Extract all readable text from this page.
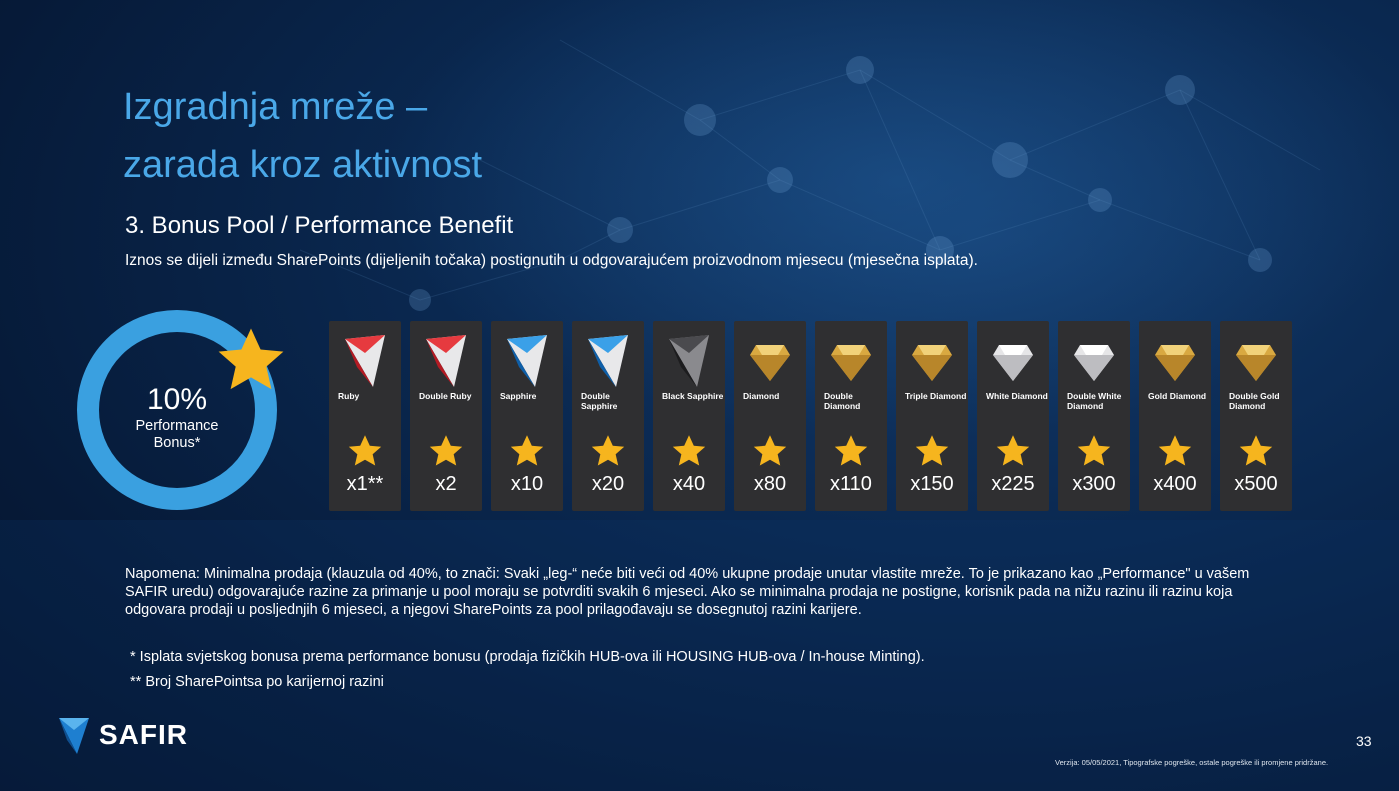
Izgradnja mreže –
zarada kroz aktivnost
3. Bonus Pool / Performance Benefit

Iznos se dijeli između SharePoints (dijeljenih točaka) postignutih u odgovarajućem proizvodnom mjesecu (mjesečna isplata).

10%
Performance
Bonus*
Ruby
x1**
Double Ruby
x2
Sapphire
x10
Double Sapphire
x20
Black Sapphire
x40
Diamond
x80
Double Diamond
x110
Triple Diamond
x150
White Diamond
x225
Double White Diamond
x300
Gold Diamond
x400
Double Gold Diamond
x500

Napomena: Minimalna prodaja (klauzula od 40%, to znači: Svaki „leg-“ neće biti veći od 40% ukupne prodaje unutar vlastite mreže. To je prikazano kao „Performance" u vašem SAFIR uredu) odgovarajuće razine za primanje u pool moraju se potvrditi svakih 6 mjeseci. Ako se minimalna prodaja ne postigne, korisnik pada na nižu razinu ili razinu koja odgovara prodaji u posljednjih 6 mjeseci, a njegovi SharePoints za pool prilagođavaju se dosegnutoj razini karijere.

* Isplata svjetskog bonusa prema performance bonusu (prodaja fizičkih HUB-ova ili HOUSING HUB-ova / In-house Minting).

** Broj SharePointsa po karijernoj razini

SAFIR	33
Verzija: 05/05/2021, Tipografske pogreške, ostale pogreške ili promjene pridržane.
